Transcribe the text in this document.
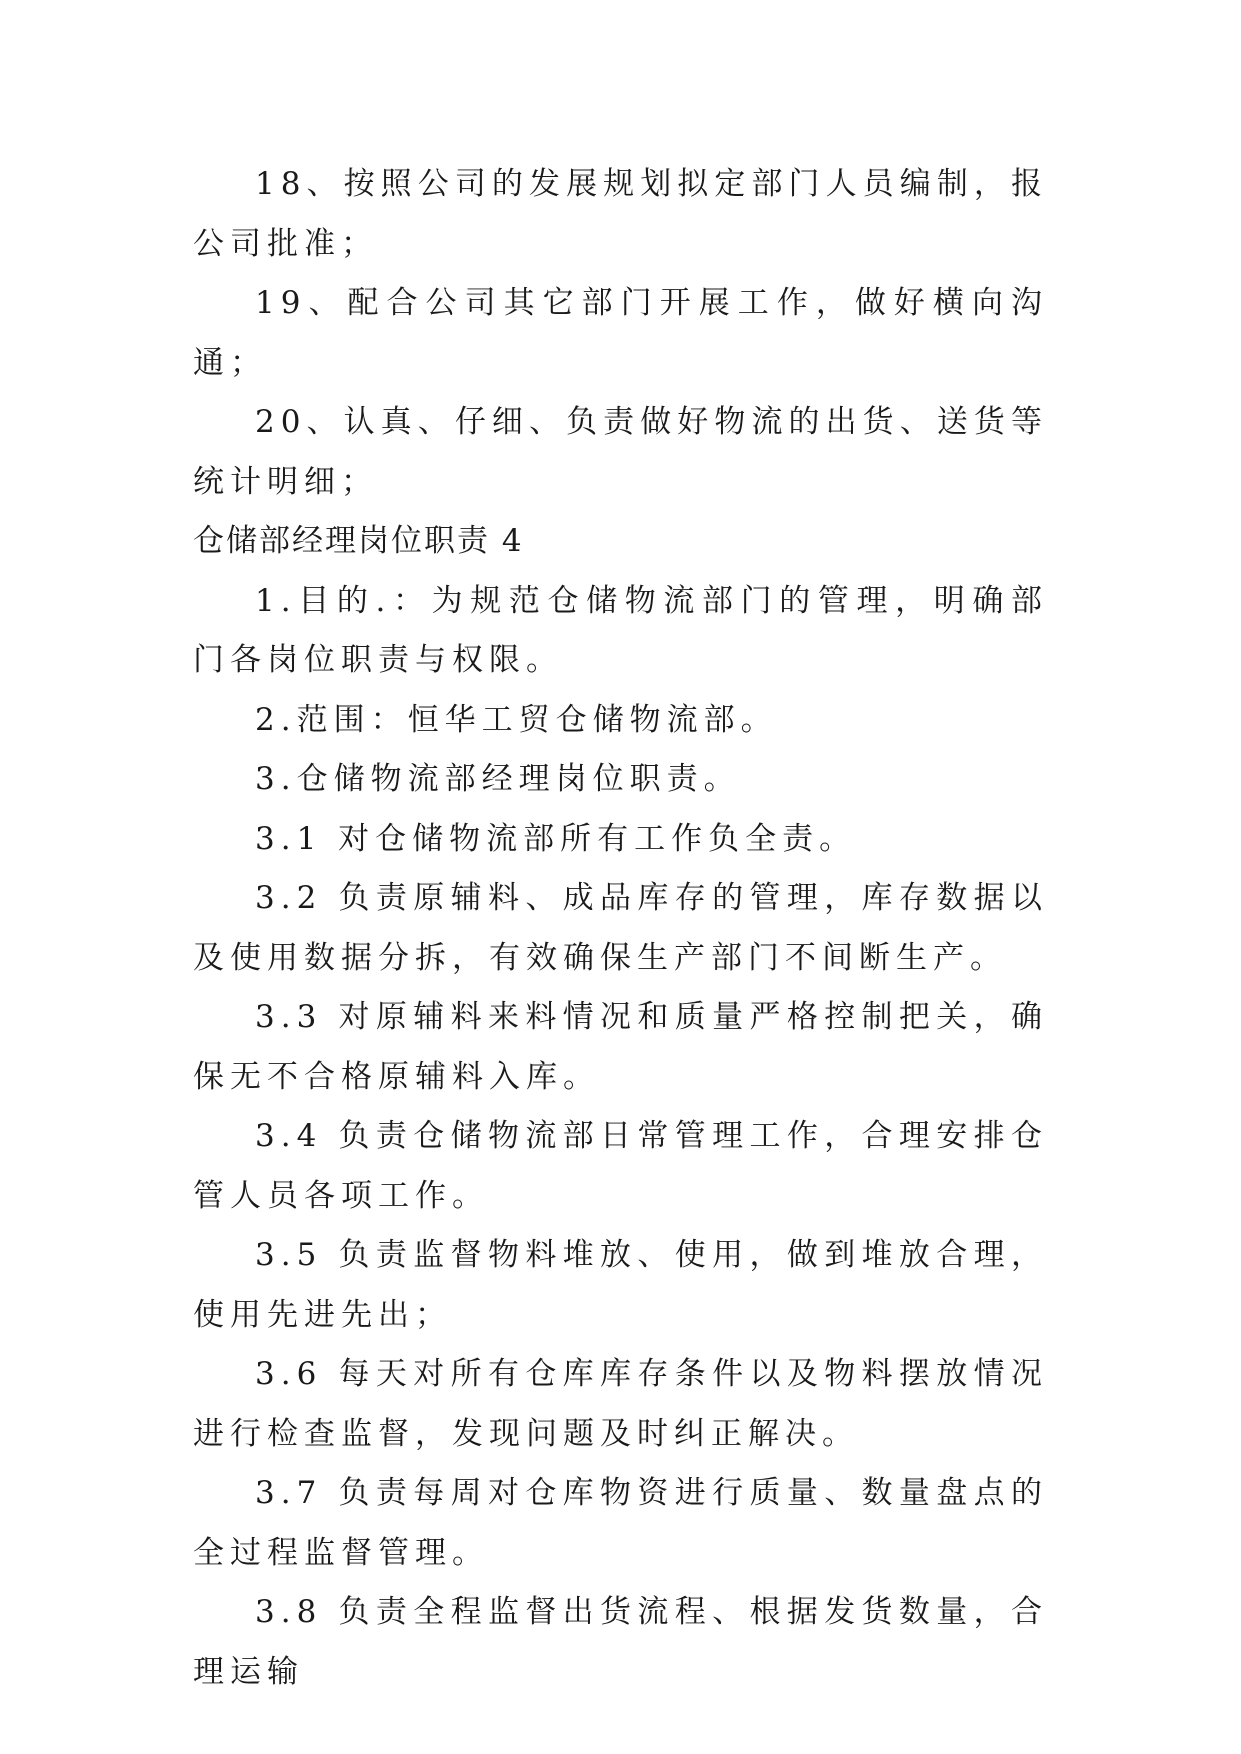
18、按照公司的发展规划拟定部门人员编制，报公司批准；

19、配合公司其它部门开展工作，做好横向沟通；

20、认真、仔细、负责做好物流的出货、送货等统计明细；

仓储部经理岗位职责 4

1.目的.：为规范仓储物流部门的管理，明确部门各岗位职责与权限。

2.范围：恒华工贸仓储物流部。

3.仓储物流部经理岗位职责。

3.1 对仓储物流部所有工作负全责。

3.2 负责原辅料、成品库存的管理，库存数据以及使用数据分拆，有效确保生产部门不间断生产。

3.3 对原辅料来料情况和质量严格控制把关，确保无不合格原辅料入库。

3.4 负责仓储物流部日常管理工作，合理安排仓管人员各项工作。

3.5 负责监督物料堆放、使用，做到堆放合理，使用先进先出；

3.6 每天对所有仓库库存条件以及物料摆放情况进行检查监督，发现问题及时纠正解决。

3.7 负责每周对仓库物资进行质量、数量盘点的全过程监督管理。

3.8 负责全程监督出货流程、根据发货数量，合理运输
